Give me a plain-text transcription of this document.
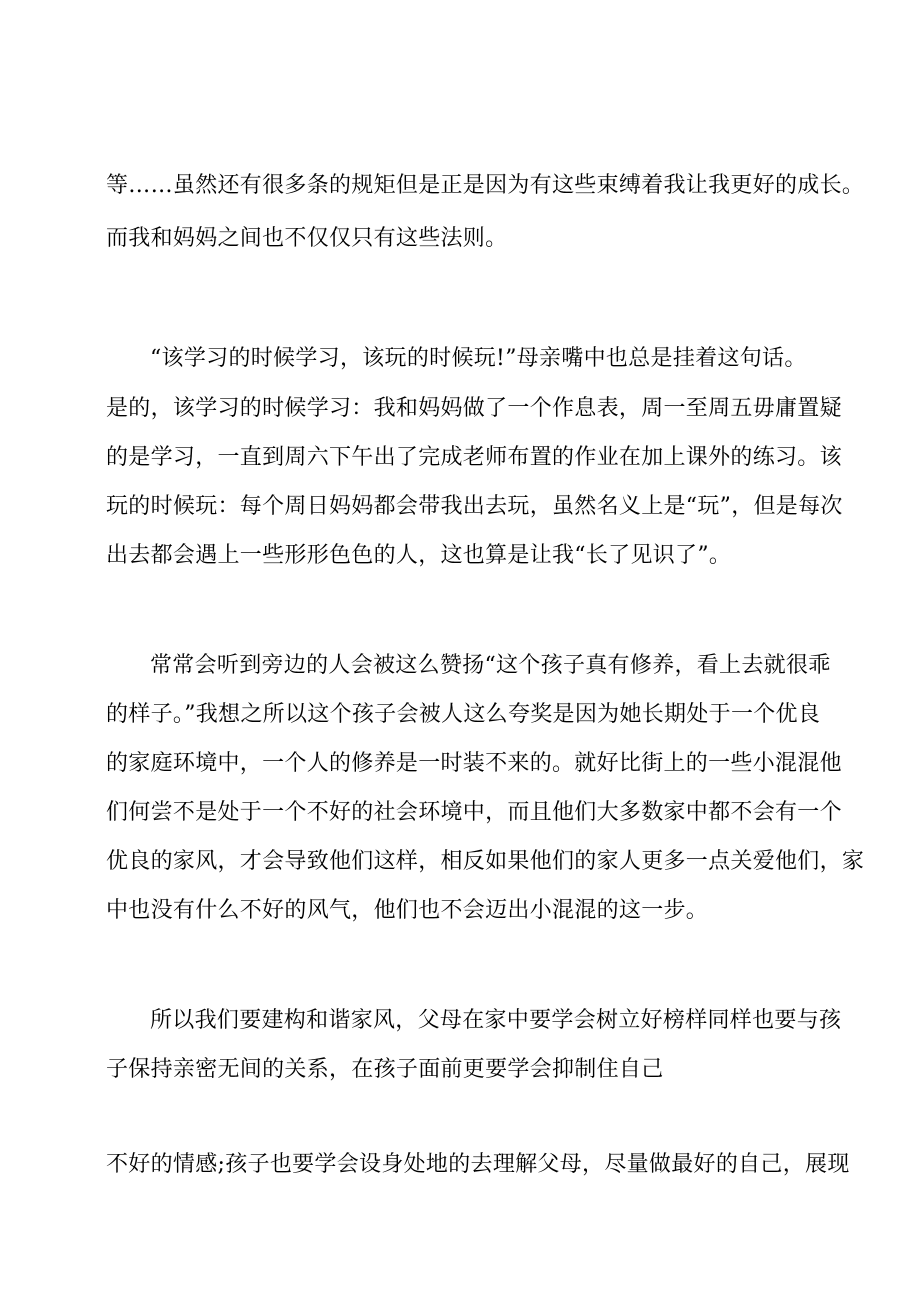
等……虽然还有很多条的规矩但是正是因为有这些束缚着我让我更好的成长。
而我和妈妈之间也不仅仅只有这些法则。
“该学习的时候学习，该玩的时候玩!”母亲嘴中也总是挂着这句话。
是的，该学习的时候学习：我和妈妈做了一个作息表，周一至周五毋庸置疑
的是学习，一直到周六下午出了完成老师布置的作业在加上课外的练习。该
玩的时候玩：每个周日妈妈都会带我出去玩，虽然名义上是“玩”，但是每次
出去都会遇上一些形形色色的人，这也算是让我“长了见识了”。
常常会听到旁边的人会被这么赞扬“这个孩子真有修养，看上去就很乖
的样子。”我想之所以这个孩子会被人这么夸奖是因为她长期处于一个优良
的家庭环境中，一个人的修养是一时装不来的。就好比街上的一些小混混他
们何尝不是处于一个不好的社会环境中，而且他们大多数家中都不会有一个
优良的家风，才会导致他们这样，相反如果他们的家人更多一点关爱他们，家
中也没有什么不好的风气，他们也不会迈出小混混的这一步。
所以我们要建构和谐家风，父母在家中要学会树立好榜样同样也要与孩
子保持亲密无间的关系，在孩子面前更要学会抑制住自己
不好的情感;孩子也要学会设身处地的去理解父母，尽量做最好的自己，展现
